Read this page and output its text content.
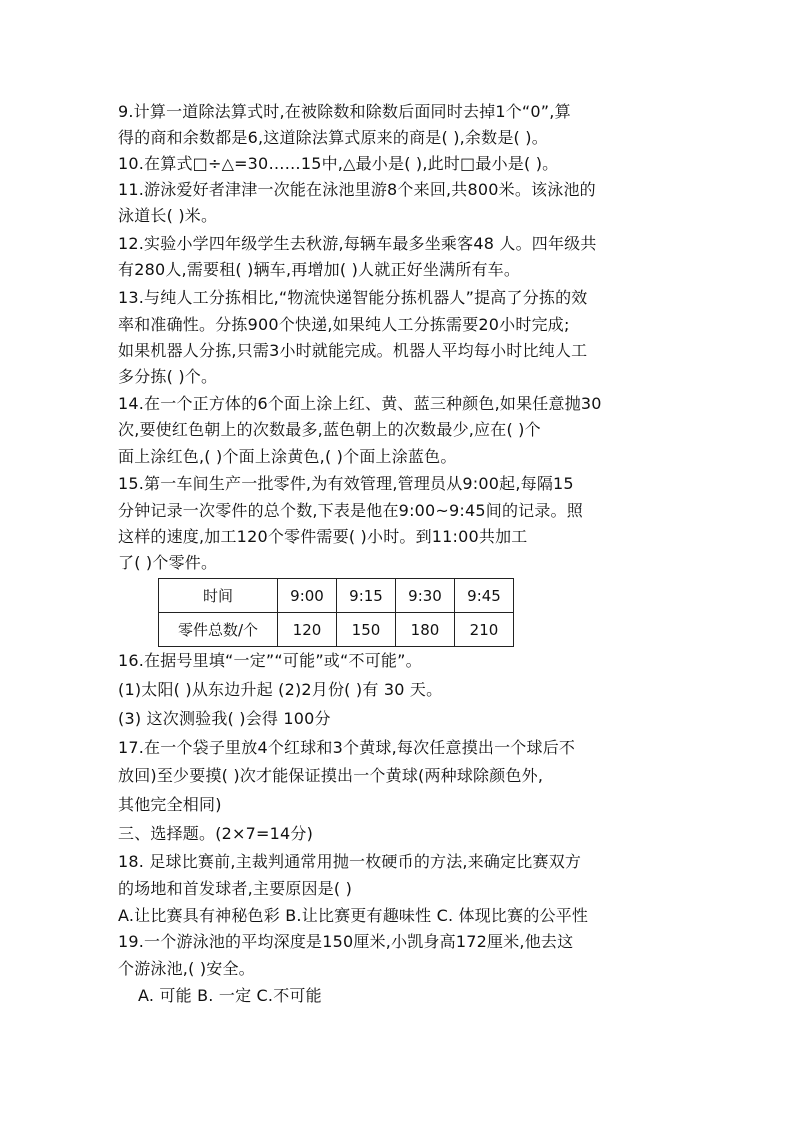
9.计算一道除法算式时,在被除数和除数后面同时去掉1个“0”,算
得的商和余数都是6,这道除法算式原来的商是( ),余数是( )。
10.在算式□÷△=30……15中,△最小是( ),此时□最小是( )。
11.游泳爱好者津津一次能在泳池里游8个来回,共800米。该泳池的
泳道长( )米。
12.实验小学四年级学生去秋游,每辆车最多坐乘客48 人。四年级共
有280人,需要租( )辆车,再增加( )人就正好坐满所有车。
13.与纯人工分拣相比,“物流快递智能分拣机器人”提高了分拣的效
率和准确性。分拣900个快递,如果纯人工分拣需要20小时完成;
如果机器人分拣,只需3小时就能完成。机器人平均每小时比纯人工
多分拣( )个。
14.在一个正方体的6个面上涂上红、黄、蓝三种颜色,如果任意抛30
次,要使红色朝上的次数最多,蓝色朝上的次数最少,应在( )个
面上涂红色,( )个面上涂黄色,( )个面上涂蓝色。
15.第一车间生产一批零件,为有效管理,管理员从9:00起,每隔15
分钟记录一次零件的总个数,下表是他在9:00~9:45间的记录。照
这样的速度,加工120个零件需要( )小时。到11:00共加工
了( )个零件。
时间	9:00	9:15	9:30	9:45
零件总数/个	120	150	180	210
16.在据号里填“一定”“可能”或“不可能”。
(1)太阳( )从东边升起 (2)2月份( )有 30 天。
(3) 这次测验我( )会得 100分
17.在一个袋子里放4个红球和3个黄球,每次任意摸出一个球后不
放回)至少要摸( )次才能保证摸出一个黄球(两种球除颜色外,
其他完全相同)
三、选择题。(2×7=14分)
18. 足球比赛前,主裁判通常用抛一枚硬币的方法,来确定比赛双方
的场地和首发球者,主要原因是( )
A.让比赛具有神秘色彩 B.让比赛更有趣味性 C. 体现比赛的公平性
19.一个游泳池的平均深度是150厘米,小凯身高172厘米,他去这
个游泳池,( )安全。
A. 可能 B. 一定 C.不可能
